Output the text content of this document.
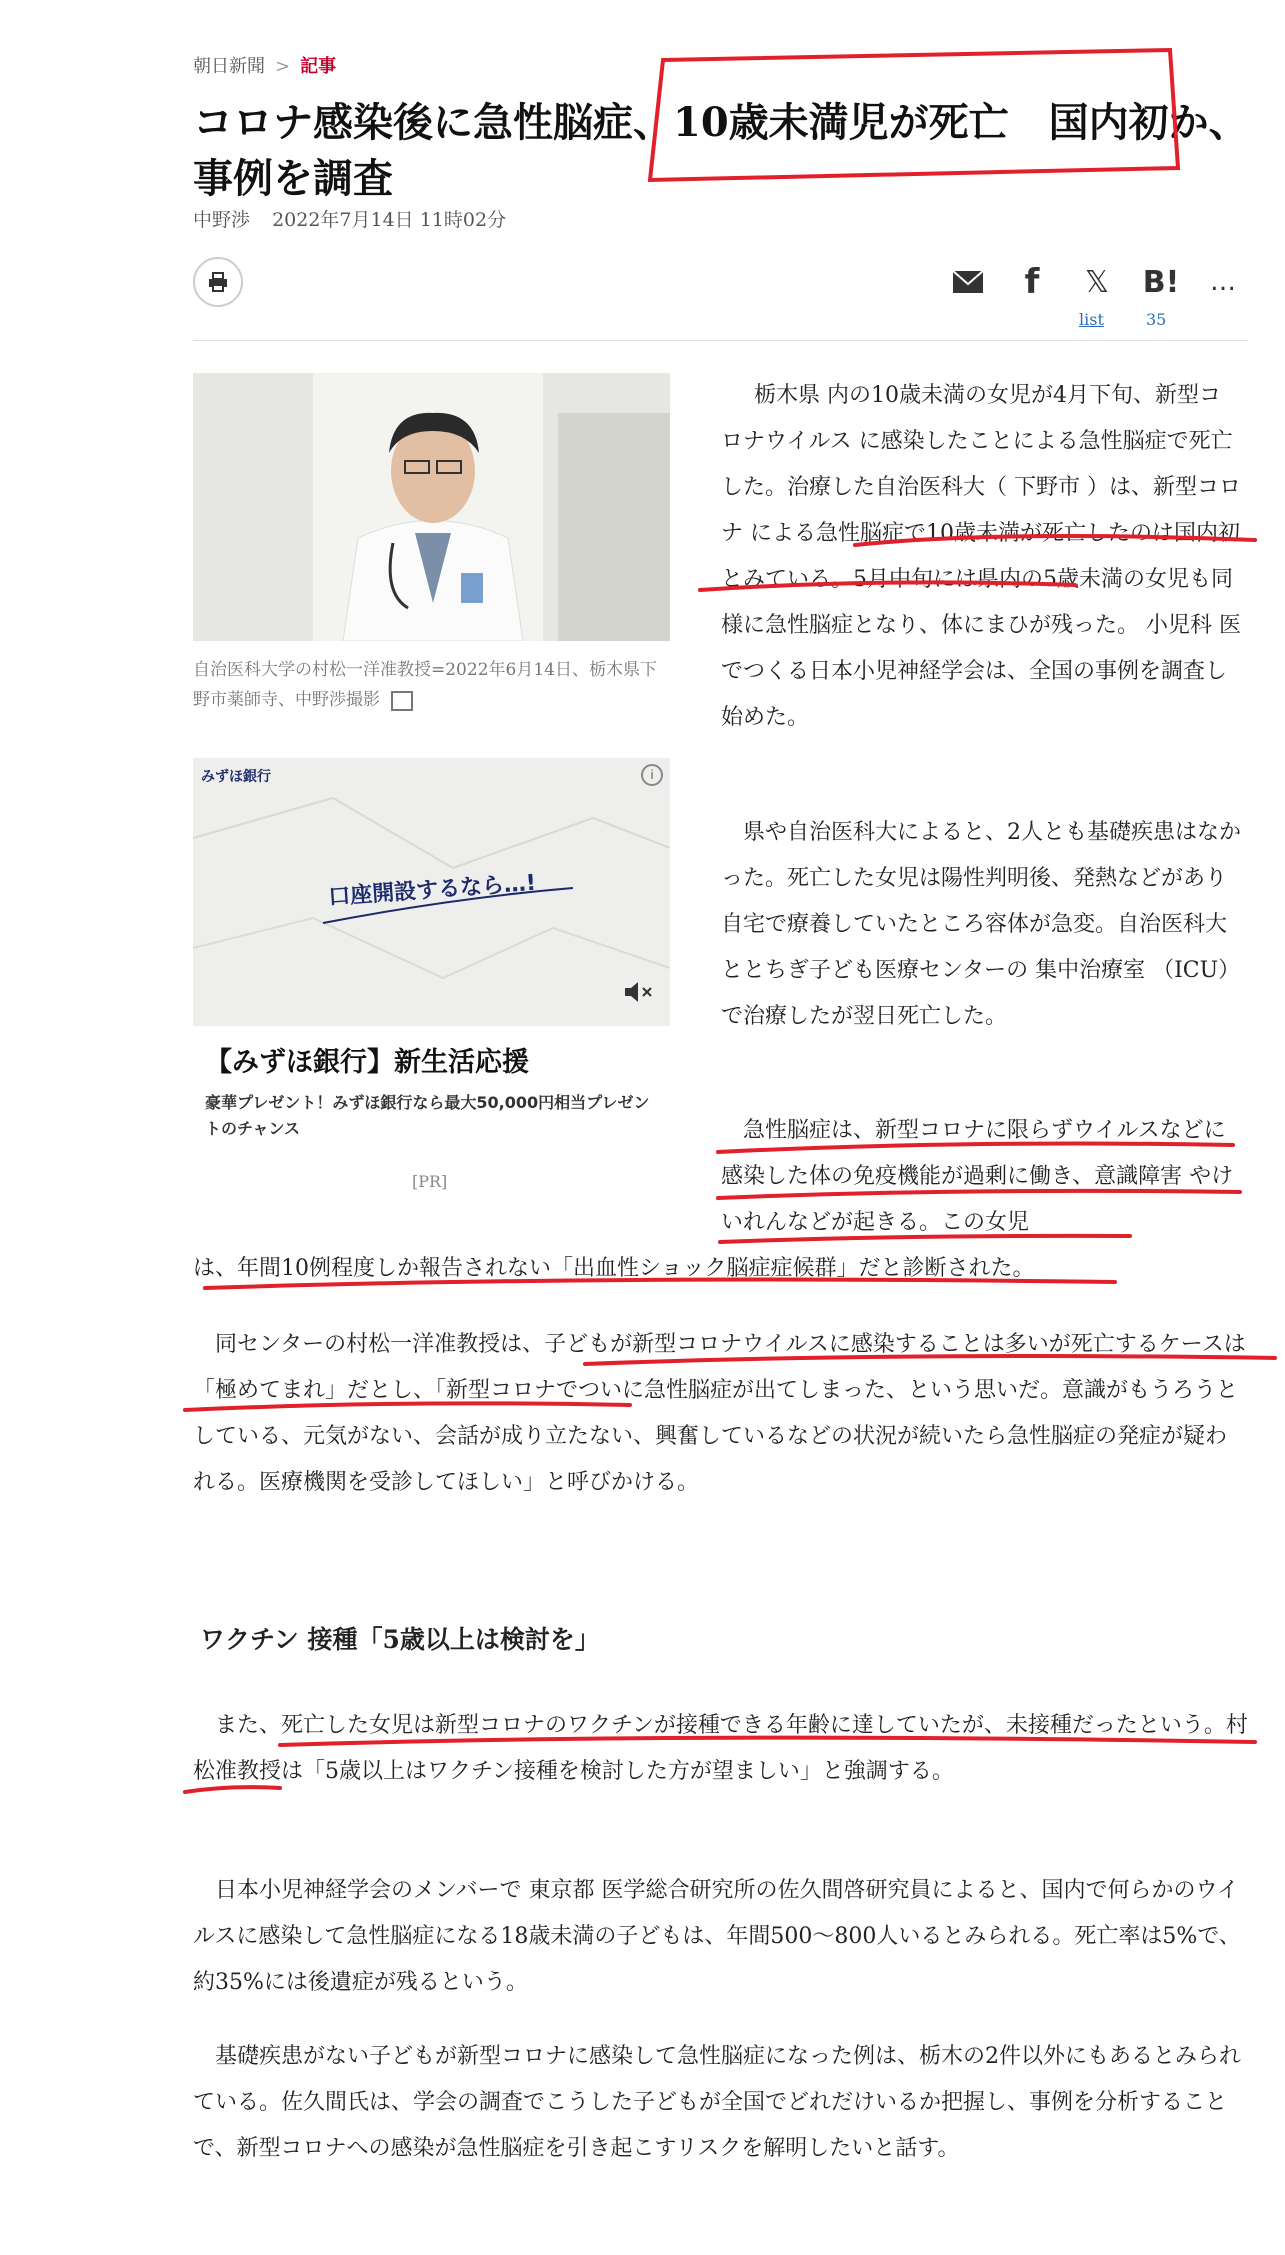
朝日新聞 > 記事
コロナ感染後に急性脳症、10歳未満児が死亡　国内初か、事例を調査
中野渉 2022年7月14日 11時02分
f 𝕏
list
B!
35
…
自治医科大学の村松一洋准教授=2022年6月14日、栃木県下野市薬師寺、中野渉撮影
みずほ銀行
口座開設するなら…!
i
【みずほ銀行】新生活応援
豪華プレゼント！みずほ銀行なら最大50,000円相当プレゼントのチャンス
[PR]
栃木県 内の10歳未満の女児が4月下旬、新型コロナウイルス に感染したことによる急性脳症で死亡した。治療した自治医科大（ 下野市 ）は、新型コロナ による急性脳症で10歳未満が死亡したのは国内初とみている。5月中旬には県内の5歳未満の女児も同様に急性脳症となり、体にまひが残った。 小児科 医でつくる日本小児神経学会は、全国の事例を調査し始めた。
県や自治医科大によると、2人とも基礎疾患はなかった。死亡した女児は陽性判明後、発熱などがあり自宅で療養していたところ容体が急変。自治医科大ととちぎ子ども医療センターの 集中治療室 （ICU）で治療したが翌日死亡した。
急性脳症は、新型コロナに限らずウイルスなどに感染した体の免疫機能が過剰に働き、意識障害 やけいれんなどが起きる。この女児
は、年間10例程度しか報告されない「出血性ショック脳症症候群」だと診断された。
同センターの村松一洋准教授は、子どもが新型コロナウイルスに感染することは多いが死亡するケースは「極めてまれ」だとし、「新型コロナでついに急性脳症が出てしまった、という思いだ。意識がもうろうとしている、元気がない、会話が成り立たない、興奮しているなどの状況が続いたら急性脳症の発症が疑われる。医療機関を受診してほしい」と呼びかける。
ワクチン 接種「5歳以上は検討を」
また、死亡した女児は新型コロナのワクチンが接種できる年齢に達していたが、未接種だったという。村松准教授は「5歳以上はワクチン接種を検討した方が望ましい」と強調する。
日本小児神経学会のメンバーで 東京都 医学総合研究所の佐久間啓研究員によると、国内で何らかのウイルスに感染して急性脳症になる18歳未満の子どもは、年間500〜800人いるとみられる。死亡率は5%で、約35%には後遺症が残るという。
基礎疾患がない子どもが新型コロナに感染して急性脳症になった例は、栃木の2件以外にもあるとみられている。佐久間氏は、学会の調査でこうした子どもが全国でどれだけいるか把握し、事例を分析することで、新型コロナへの感染が急性脳症を引き起こすリスクを解明したいと話す。
